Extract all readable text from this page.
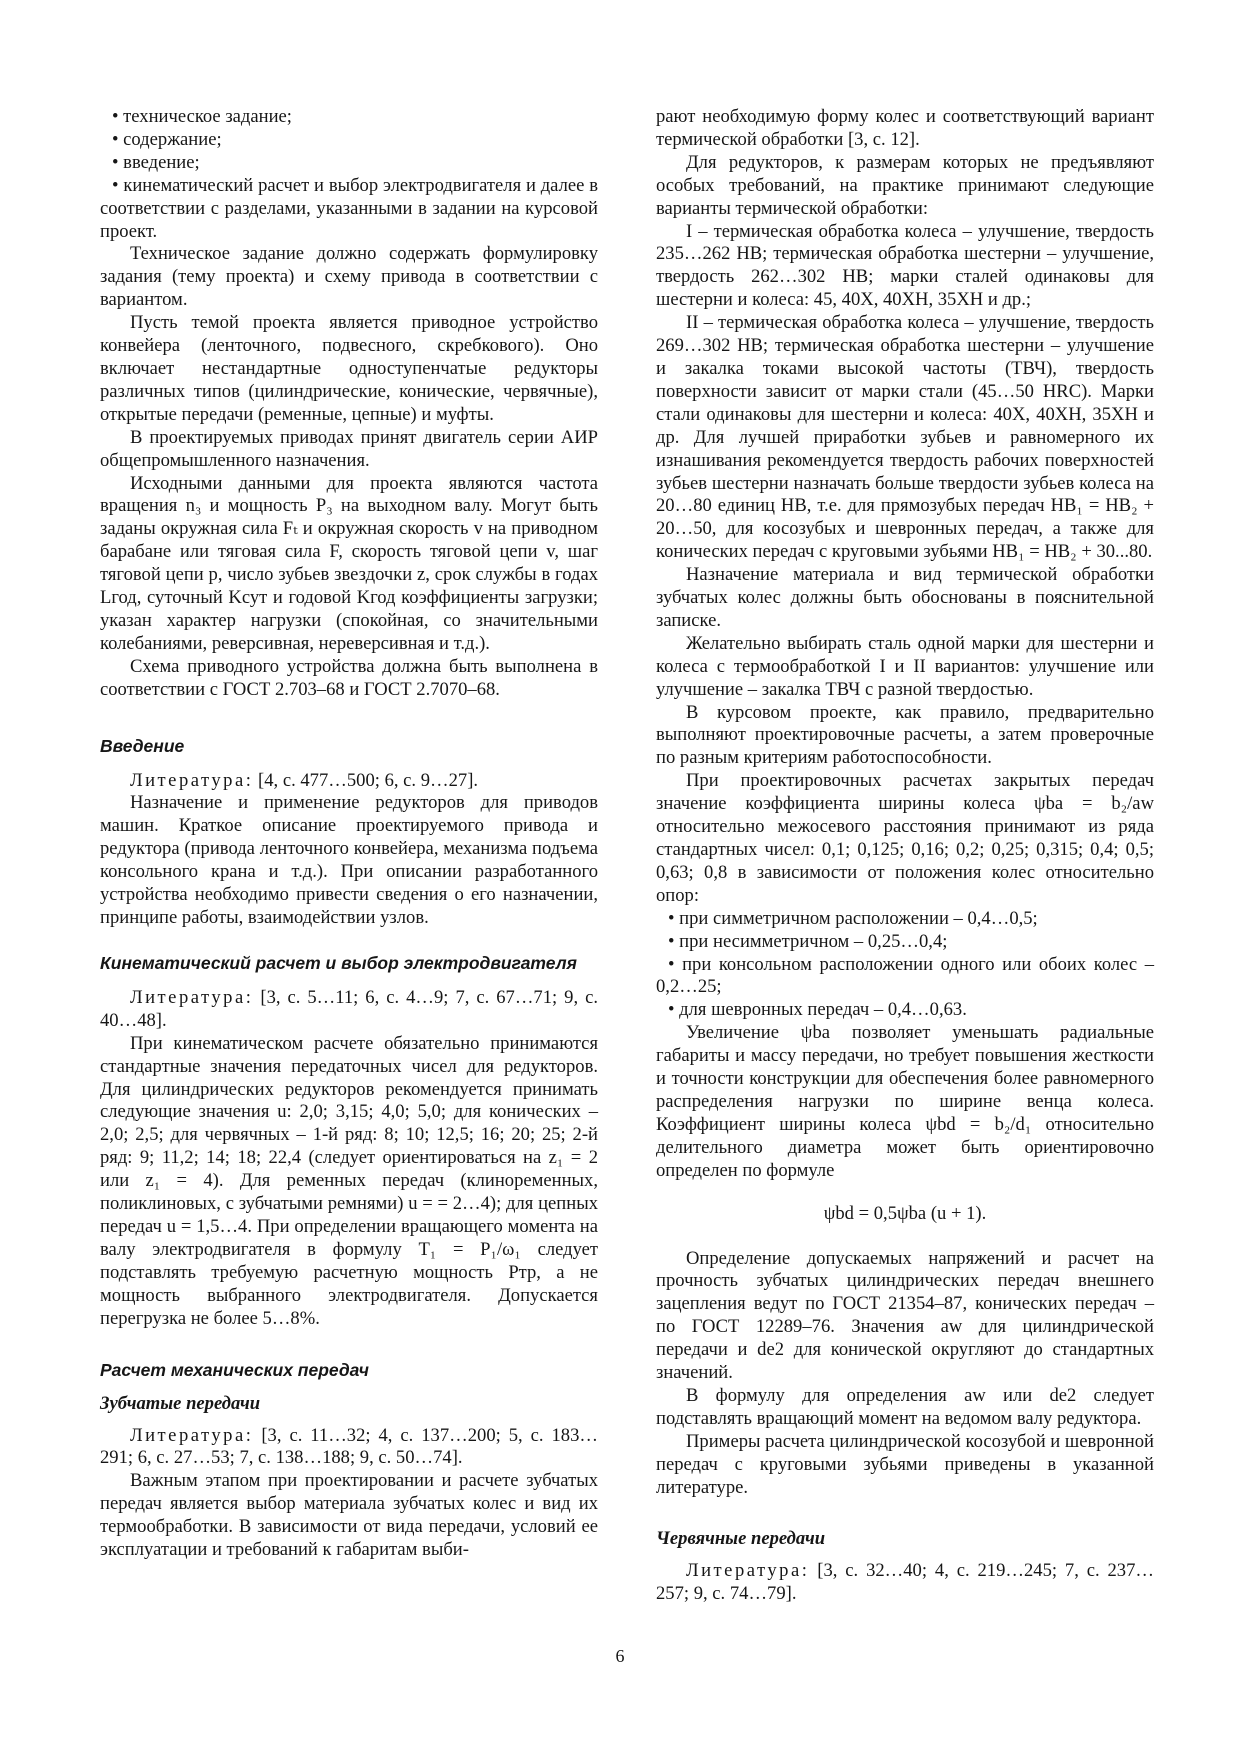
• техническое задание;

• содержание;

• введение;

• кинематический расчет и выбор электродвигателя и далее в соответствии с разделами, указанными в задании на курсовой проект.

Техническое задание должно содержать формулировку задания (тему проекта) и схему привода в соответствии с вариантом.

Пусть темой проекта является приводное устройство конвейера (ленточного, подвесного, скребкового). Оно включает нестандартные одноступенчатые редукторы различных типов (цилиндрические, конические, червячные), открытые передачи (ременные, цепные) и муфты.

В проектируемых приводах принят двигатель серии АИР общепромышленного назначения.

Исходными данными для проекта являются частота вращения n₃ и мощность P₃ на выходном валу. Могут быть заданы окружная сила Fₜ и окружная скорость v на приводном барабане или тяговая сила F, скорость тяговой цепи v, шаг тяговой цепи p, число зубьев звездочки z, срок службы в годах Lгод, суточный Kсут и годовой Kгод коэффициенты загрузки; указан характер нагрузки (спокойная, со значительными колебаниями, реверсивная, нереверсивная и т.д.).

Схема приводного устройства должна быть выполнена в соответствии с ГОСТ 2.703–68 и ГОСТ 2.7070–68.

Введение

Литература: [4, с. 477…500; 6, с. 9…27].

Назначение и применение редукторов для приводов машин. Краткое описание проектируемого привода и редуктора (привода ленточного конвейера, механизма подъема консольного крана и т.д.). При описании разработанного устройства необходимо привести сведения о его назначении, принципе работы, взаимодействии узлов.

Кинематический расчет и выбор электродвигателя

Литература: [3, с. 5…11; 6, с. 4…9; 7, с. 67…71; 9, с. 40…48].

При кинематическом расчете обязательно принимаются стандартные значения передаточных чисел для редукторов. Для цилиндрических редукторов рекомендуется принимать следующие значения u: 2,0; 3,15; 4,0; 5,0; для конических – 2,0; 2,5; для червячных – 1-й ряд: 8; 10; 12,5; 16; 20; 25; 2-й ряд: 9; 11,2; 14; 18; 22,4 (следует ориентироваться на z₁ = 2 или z₁ = 4). Для ременных передач (клиноременных, поликлиновых, с зубчатыми ремнями) u = = 2…4); для цепных передач u = 1,5…4. При определении вращающего момента на валу электродвигателя в формулу T₁ = P₁/ω₁ следует подставлять требуемую расчетную мощность Pтр, а не мощность выбранного электродвигателя. Допускается перегрузка не более 5…8%.

Расчет механических передач
Зубчатые передачи

Литература: [3, с. 11…32; 4, с. 137…200; 5, с. 183…291; 6, с. 27…53; 7, с. 138…188; 9, с. 50…74].

Важным этапом при проектировании и расчете зубчатых передач является выбор материала зубчатых колес и вид их термообработки. В зависимости от вида передачи, условий ее эксплуатации и требований к габаритам выби-

рают необходимую форму колес и соответствующий вариант термической обработки [3, с. 12].

Для редукторов, к размерам которых не предъявляют особых требований, на практике принимают следующие варианты термической обработки:

I – термическая обработка колеса – улучшение, твердость 235…262 НВ; термическая обработка шестерни – улучшение, твердость 262…302 НВ; марки сталей одинаковы для шестерни и колеса: 45, 40Х, 40ХН, 35ХН и др.;

II – термическая обработка колеса – улучшение, твердость 269…302 НВ; термическая обработка шестерни – улучшение и закалка токами высокой частоты (ТВЧ), твердость поверхности зависит от марки стали (45…50 HRC). Марки стали одинаковы для шестерни и колеса: 40Х, 40ХН, 35ХН и др. Для лучшей приработки зубьев и равномерного их изнашивания рекомендуется твердость рабочих поверхностей зубьев шестерни назначать больше твердости зубьев колеса на 20…80 единиц НВ, т.е. для прямозубых передач НВ₁ = НВ₂ + 20…50, для косозубых и шевронных передач, а также для конических передач с круговыми зубьями НВ₁ = НВ₂ + 30...80.

Назначение материала и вид термической обработки зубчатых колес должны быть обоснованы в пояснительной записке.

Желательно выбирать сталь одной марки для шестерни и колеса с термообработкой I и II вариантов: улучшение или улучшение – закалка ТВЧ с разной твердостью.

В курсовом проекте, как правило, предварительно выполняют проектировочные расчеты, а затем проверочные по разным критериям работоспособности.

При проектировочных расчетах закрытых передач значение коэффициента ширины колеса ψba = b₂/aw относительно межосевого расстояния принимают из ряда стандартных чисел: 0,1; 0,125; 0,16; 0,2; 0,25; 0,315; 0,4; 0,5; 0,63; 0,8 в зависимости от положения колес относительно опор:

• при симметричном расположении – 0,4…0,5;

• при несимметричном – 0,25…0,4;

• при консольном расположении одного или обоих колес – 0,2…25;

• для шевронных передач – 0,4…0,63.

Увеличение ψba позволяет уменьшать радиальные габариты и массу передачи, но требует повышения жесткости и точности конструкции для обеспечения более равномерного распределения нагрузки по ширине венца колеса. Коэффициент ширины колеса ψbd = b₂/d₁ относительно делительного диаметра может быть ориентировочно определен по формуле

ψbd = 0,5ψba (u + 1).

Определение допускаемых напряжений и расчет на прочность зубчатых цилиндрических передач внешнего зацепления ведут по ГОСТ 21354–87, конических передач – по ГОСТ 12289–76. Значения aw для цилиндрической передачи и de2 для конической округляют до стандартных значений.

В формулу для определения aw или de2 следует подставлять вращающий момент на ведомом валу редуктора.

Примеры расчета цилиндрической косозубой и шевронной передач с круговыми зубьями приведены в указанной литературе.

Червячные передачи

Литература: [3, с. 32…40; 4, с. 219…245; 7, с. 237…257; 9, с. 74…79].

6
